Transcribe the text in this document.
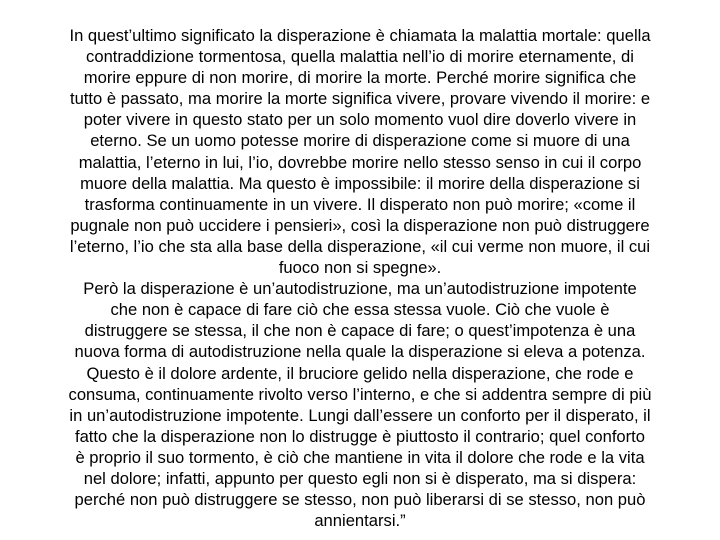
In quest’ultimo significato la disperazione è chiamata la malattia mortale: quella
contraddizione tormentosa, quella malattia nell’io di morire eternamente, di
morire eppure di non morire, di morire la morte. Perché morire significa che
tutto è passato, ma morire la morte significa vivere, provare vivendo il morire: e
poter vivere in questo stato per un solo momento vuol dire doverlo vivere in
eterno. Se un uomo potesse morire di disperazione come si muore di una
malattia, l’eterno in lui, l’io, dovrebbe morire nello stesso senso in cui il corpo
muore della malattia. Ma questo è impossibile: il morire della disperazione si
trasforma continuamente in un vivere. Il disperato non può morire; «come il
pugnale non può uccidere i pensieri», così la disperazione non può distruggere
l’eterno, l’io che sta alla base della disperazione, «il cui verme non muore, il cui
fuoco non si spegne».
Però la disperazione è un’autodistruzione, ma un’autodistruzione impotente
che non è capace di fare ciò che essa stessa vuole. Ciò che vuole è
distruggere se stessa, il che non è capace di fare; o quest’impotenza è una
nuova forma di autodistruzione nella quale la disperazione si eleva a potenza.
Questo è il dolore ardente, il bruciore gelido nella disperazione, che rode e
consuma, continuamente rivolto verso l’interno, e che si addentra sempre di più
in un’autodistruzione impotente. Lungi dall’essere un conforto per il disperato, il
fatto che la disperazione non lo distrugge è piuttosto il contrario; quel conforto
è proprio il suo tormento, è ciò che mantiene in vita il dolore che rode e la vita
nel dolore; infatti, appunto per questo egli non si è disperato, ma si dispera:
perché non può distruggere se stesso, non può liberarsi di se stesso, non può
annientarsi.”
